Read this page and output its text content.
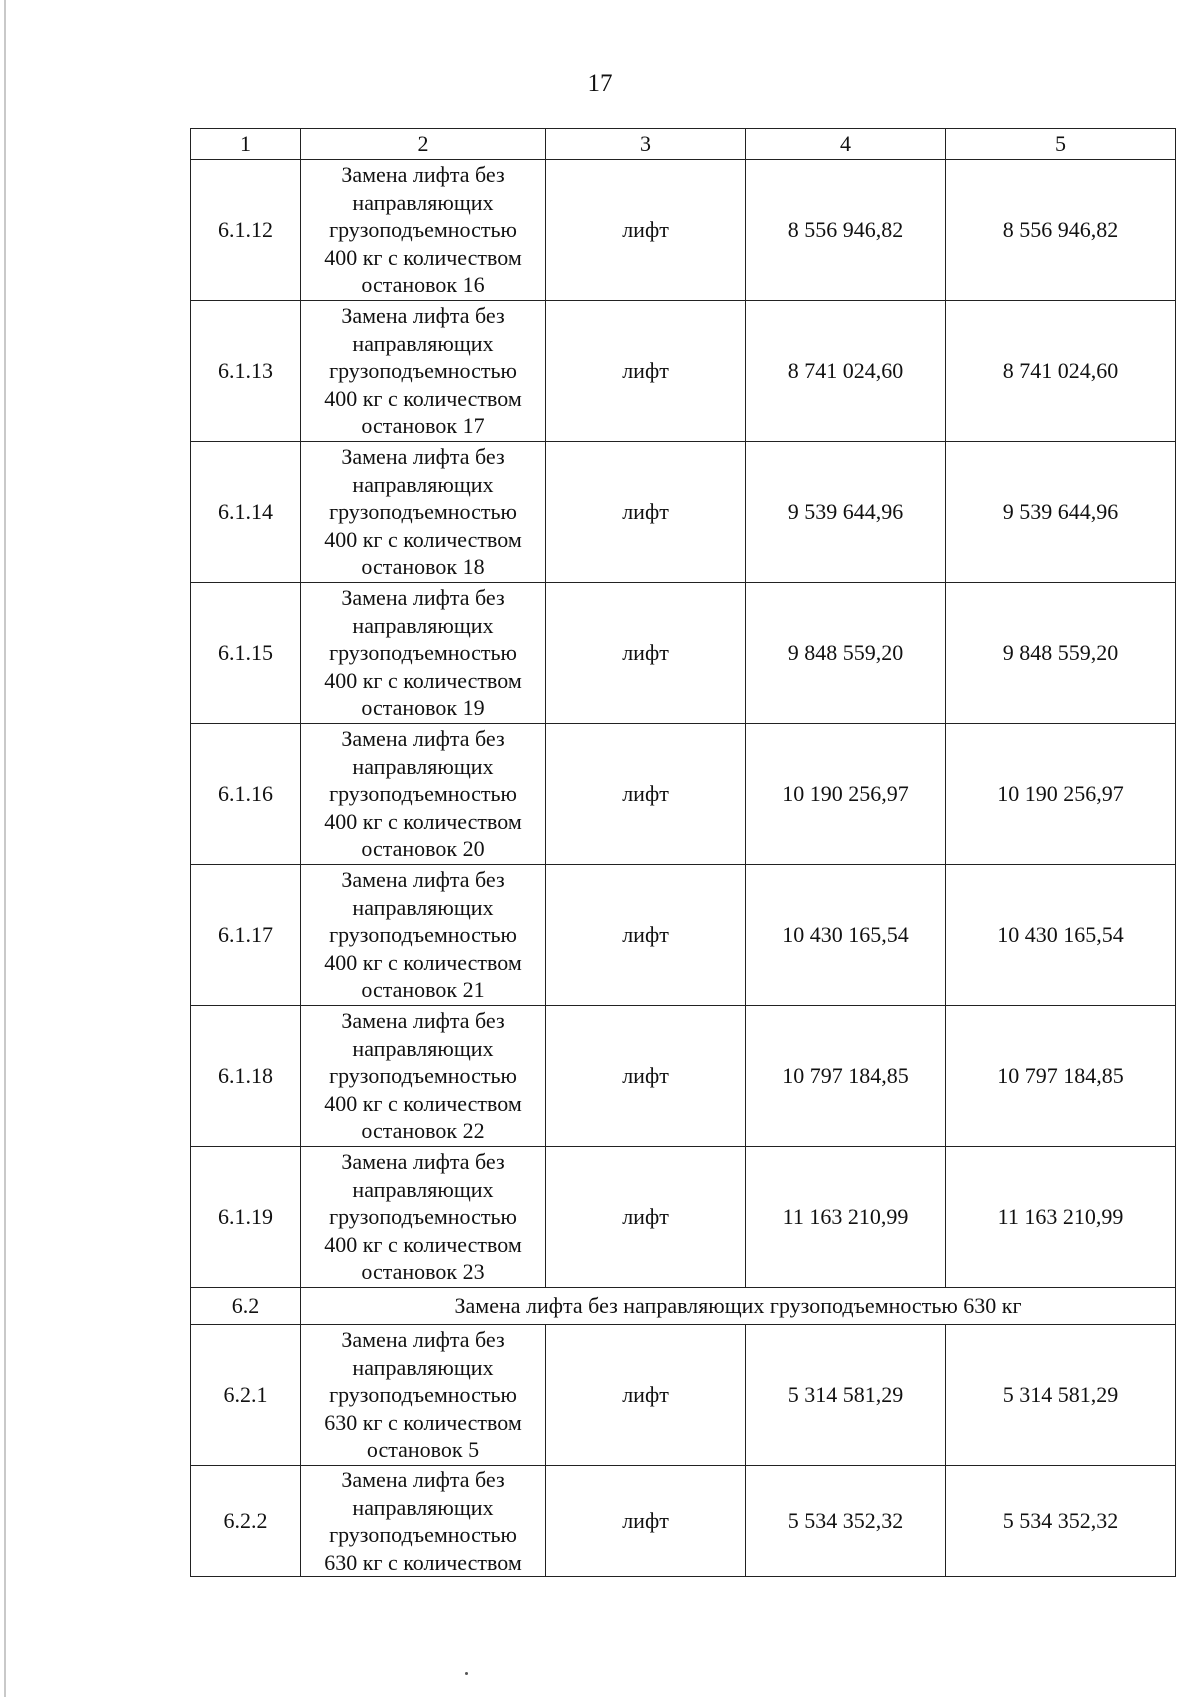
17
1	2	3	4	5
6.1.12	Замена лифта без
направляющих
грузоподъемностью
400 кг с количеством
остановок 16	лифт	8 556 946,82	8 556 946,82
6.1.13	Замена лифта без
направляющих
грузоподъемностью
400 кг с количеством
остановок 17	лифт	8 741 024,60	8 741 024,60
6.1.14	Замена лифта без
направляющих
грузоподъемностью
400 кг с количеством
остановок 18	лифт	9 539 644,96	9 539 644,96
6.1.15	Замена лифта без
направляющих
грузоподъемностью
400 кг с количеством
остановок 19	лифт	9 848 559,20	9 848 559,20
6.1.16	Замена лифта без
направляющих
грузоподъемностью
400 кг с количеством
остановок 20	лифт	10 190 256,97	10 190 256,97
6.1.17	Замена лифта без
направляющих
грузоподъемностью
400 кг с количеством
остановок 21	лифт	10 430 165,54	10 430 165,54
6.1.18	Замена лифта без
направляющих
грузоподъемностью
400 кг с количеством
остановок 22	лифт	10 797 184,85	10 797 184,85
6.1.19	Замена лифта без
направляющих
грузоподъемностью
400 кг с количеством
остановок 23	лифт	11 163 210,99	11 163 210,99
6.2	Замена лифта без направляющих грузоподъемностью 630 кг			
6.2.1	Замена лифта без
направляющих
грузоподъемностью
630 кг с количеством
остановок 5	лифт	5 314 581,29	5 314 581,29
6.2.2	Замена лифта без
направляющих
грузоподъемностью
630 кг с количеством	лифт	5 534 352,32	5 534 352,32
